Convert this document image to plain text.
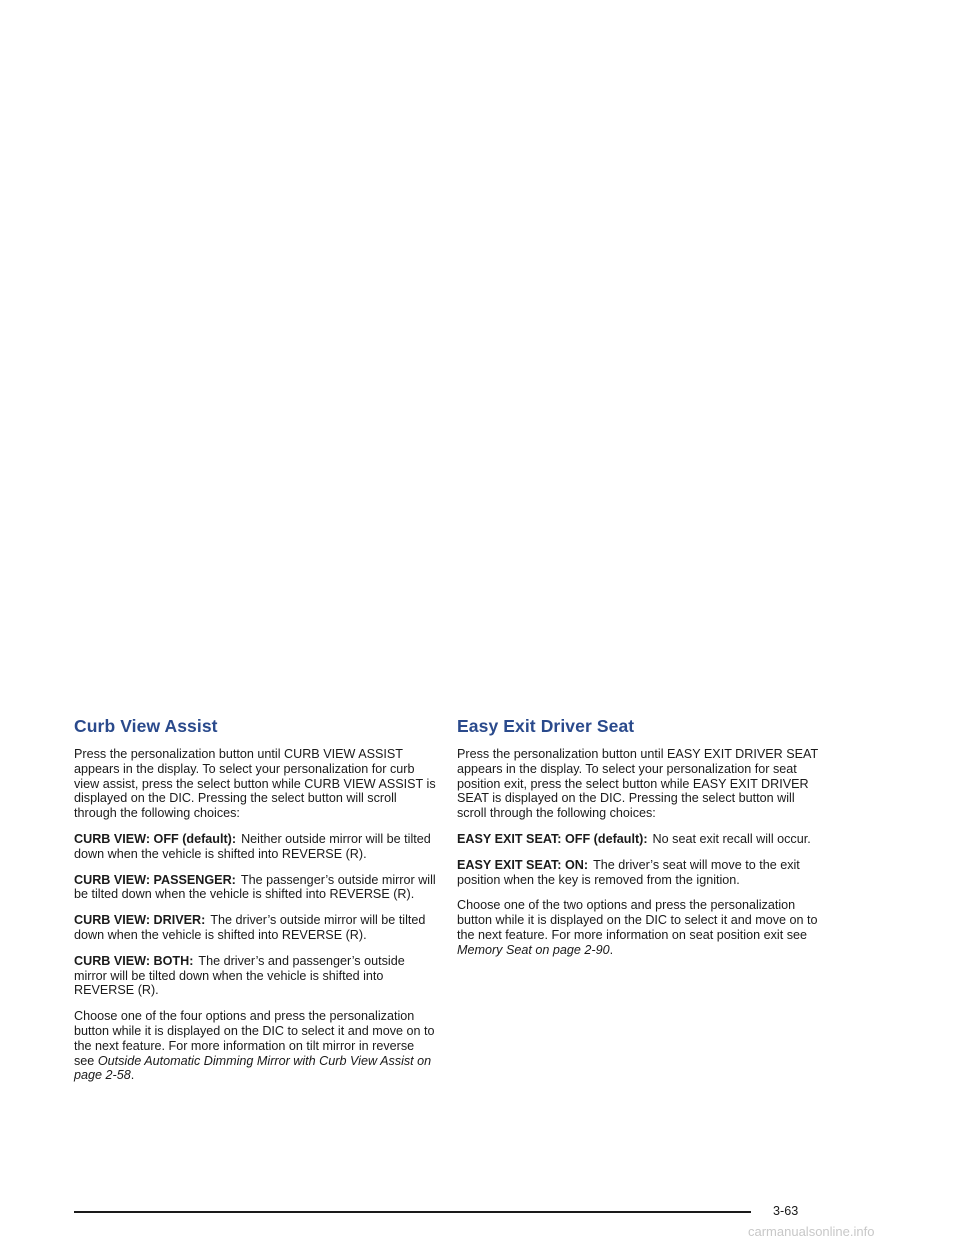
Curb View Assist

Press the personalization button until CURB VIEW ASSIST appears in the display. To select your personalization for curb view assist, press the select button while CURB VIEW ASSIST is displayed on the DIC. Pressing the select button will scroll through the following choices:

CURB VIEW: OFF (default): Neither outside mirror will be tilted down when the vehicle is shifted into REVERSE (R).

CURB VIEW: PASSENGER: The passenger’s outside mirror will be tilted down when the vehicle is shifted into REVERSE (R).

CURB VIEW: DRIVER: The driver’s outside mirror will be tilted down when the vehicle is shifted into REVERSE (R).

CURB VIEW: BOTH: The driver’s and passenger’s outside mirror will be tilted down when the vehicle is shifted into REVERSE (R).

Choose one of the four options and press the personalization button while it is displayed on the DIC to select it and move on to the next feature. For more information on tilt mirror in reverse see Outside Automatic Dimming Mirror with Curb View Assist on page 2-58.

Easy Exit Driver Seat

Press the personalization button until EASY EXIT DRIVER SEAT appears in the display. To select your personalization for seat position exit, press the select button while EASY EXIT DRIVER SEAT is displayed on the DIC. Pressing the select button will scroll through the following choices:

EASY EXIT SEAT: OFF (default): No seat exit recall will occur.

EASY EXIT SEAT: ON: The driver’s seat will move to the exit position when the key is removed from the ignition.

Choose one of the two options and press the personalization button while it is displayed on the DIC to select it and move on to the next feature. For more information on seat position exit see Memory Seat on page 2-90.

3-63
carmanualsonline.info
